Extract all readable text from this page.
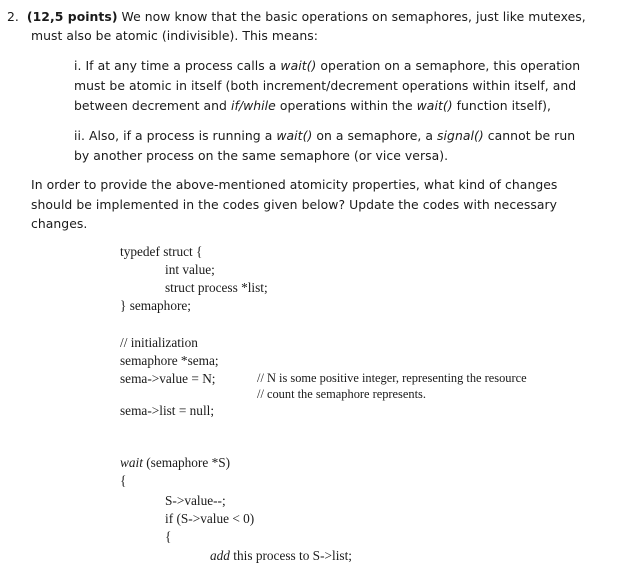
2. (12,5 points) We now know that the basic operations on semaphores, just like mutexes,
must also be atomic (indivisible). This means:
i. If at any time a process calls a wait() operation on a semaphore, this operation
must be atomic in itself (both increment/decrement operations within itself, and
between decrement and if/while operations within the wait() function itself),
ii. Also, if a process is running a wait() on a semaphore, a signal() cannot be run
by another process on the same semaphore (or vice versa).
In order to provide the above-mentioned atomicity properties, what kind of changes
should be implemented in the codes given below? Update the codes with necessary
changes.
typedef struct {
int value;
struct process *list;
} semaphore;
// initialization
semaphore *sema;
sema->value = N;	// N is some positive integer, representing the resource
// count the semaphore represents.
sema->list = null;
wait (semaphore *S)
{
S->value--;
if (S->value < 0)
{
add this process to S->list;
